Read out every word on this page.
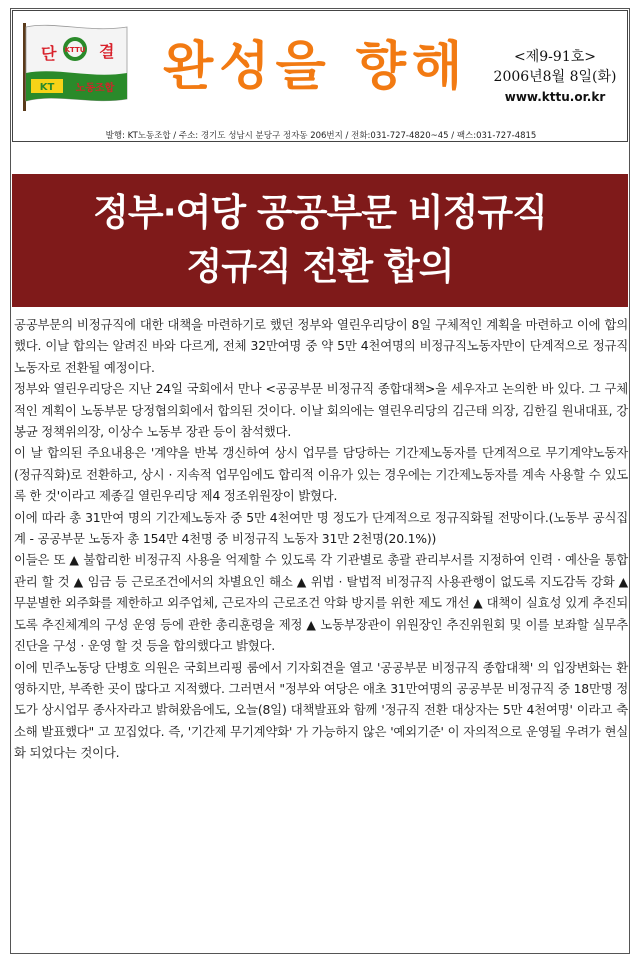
KTTU
단	결
KT 노동조합 완성을 향해	<제9-91호>
2006년8월 8일(화)
www.kttu.or.kr
발행: KT노동조합 / 주소: 경기도 성남시 분당구 정자동 206번지 / 전화:031-727-4820~45 / 팩스:031-727-4815
정부·여당 공공부문 비정규직
정규직 전환 합의

공공부문의 비정규직에 대한 대책을 마련하기로 했던 정부와 열린우리당이 8일 구체적인 계획을 마련하고 이에 합의했다. 이날 합의는 알려진 바와 다르게, 전체 32만여명 중 약 5만 4천여명의 비정규직노동자만이 단계적으로 정규직노동자로 전환될 예정이다.

정부와 열린우리당은 지난 24일 국회에서 만나 <공공부문 비정규직 종합대책>을 세우자고 논의한 바 있다. 그 구체적인 계획이 노동부문 당정협의회에서 합의된 것이다. 이날 회의에는 열린우리당의 김근태 의장, 김한길 원내대표, 강봉균 정책위의장, 이상수 노동부 장관 등이 참석했다.

이 날 합의된 주요내용은 '계약을 반복 갱신하여 상시 업무를 담당하는 기간제노동자를 단계적으로 무기계약노동자(정규직화)로 전환하고, 상시 · 지속적 업무임에도 합리적 이유가 있는 경우에는 기간제노동자를 계속 사용할 수 있도록 한 것'이라고 제종길 열린우리당 제4 정조위원장이 밝혔다.

이에 따라 총 31만여 명의 기간제노동자 중 5만 4천여만 명 정도가 단계적으로 정규직화될 전망이다.(노동부 공식집계 - 공공부문 노동자 총 154만 4천명 중 비정규직 노동자 31만 2천명(20.1%))

이들은 또 ▲ 불합리한 비정규직 사용을 억제할 수 있도록 각 기관별로 총괄 관리부서를 지정하여 인력 · 예산을 통합관리 할 것 ▲ 임금 등 근로조건에서의 차별요인 해소 ▲ 위법 · 탈법적 비정규직 사용관행이 없도록 지도감독 강화 ▲ 무분별한 외주화를 제한하고 외주업체, 근로자의 근로조건 악화 방지를 위한 제도 개선 ▲ 대책이 실효성 있게 추진되도록 추진체계의 구성 운영 등에 관한 총리훈령을 제정 ▲ 노동부장관이 위원장인 추진위원회 및 이를 보좌할 실무추진단을 구성 · 운영 할 것 등을 합의했다고 밝혔다.

이에 민주노동당 단병호 의원은 국회브리핑 룸에서 기자회견을 열고 '공공부문 비정규직 종합대책' 의 입장변화는 환영하지만, 부족한 곳이 많다고 지적했다. 그러면서 "정부와 여당은 애초 31만여명의 공공부문 비정규직 중 18만명 정도가 상시업무 종사자라고 밝혀왔음에도, 오늘(8일) 대책발표와 함께 '정규직 전환 대상자는 5만 4천여명' 이라고 축소해 발표했다" 고 꼬집었다. 즉, '기간제 무기계약화' 가 가능하지 않은 '예외기준' 이 자의적으로 운영될 우려가 현실화 되었다는 것이다.
